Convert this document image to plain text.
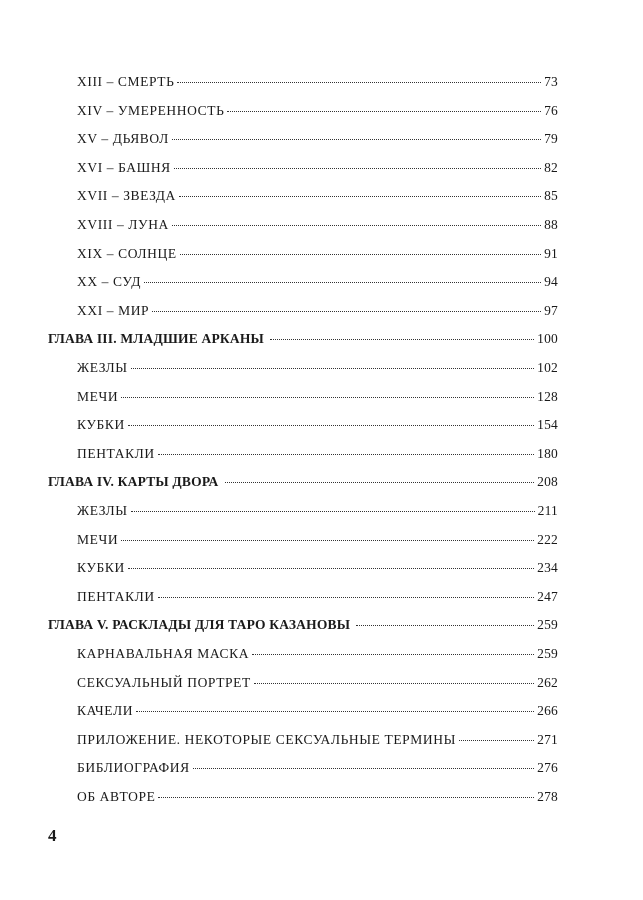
XIII – СМЕРТЬ	73
XIV – УМЕРЕННОСТЬ	76
XV – ДЬЯВОЛ	79
XVI – БАШНЯ	82
XVII – ЗВЕЗДА	85
XVIII – ЛУНА	88
XIX – СОЛНЦЕ	91
XX – СУД	94
XXI – МИР	97
ГЛАВА III. МЛАДШИЕ АРКАНЫ	100
ЖЕЗЛЫ	102
МЕЧИ	128
КУБКИ	154
ПЕНТАКЛИ	180
ГЛАВА IV. КАРТЫ ДВОРА	208
ЖЕЗЛЫ	211
МЕЧИ	222
КУБКИ	234
ПЕНТАКЛИ	247
ГЛАВА V. РАСКЛАДЫ ДЛЯ ТАРО КАЗАНОВЫ	259
КАРНАВАЛЬНАЯ МАСКА	259
СЕКСУАЛЬНЫЙ ПОРТРЕТ	262
КАЧЕЛИ	266
ПРИЛОЖЕНИЕ. НЕКОТОРЫЕ СЕКСУАЛЬНЫЕ ТЕРМИНЫ	271
БИБЛИОГРАФИЯ	276
ОБ АВТОРЕ	278
4
